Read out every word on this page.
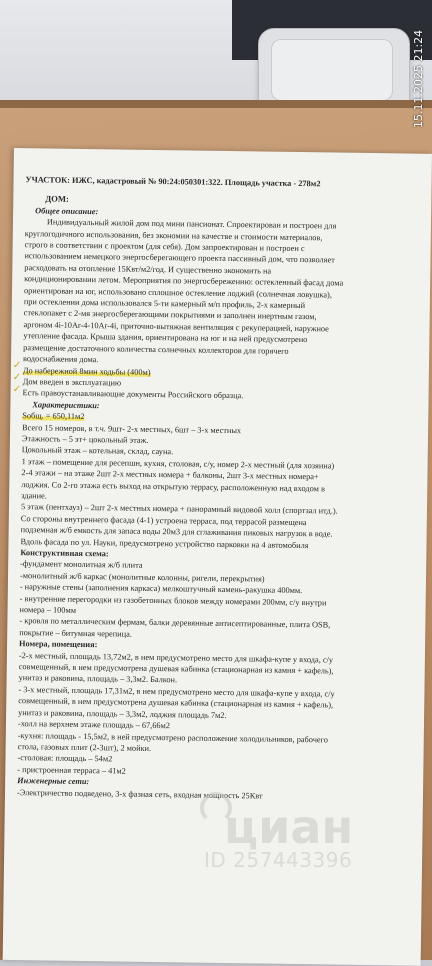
УЧАСТОК: ИЖС, кадастровый № 90:24:050301:322. Площадь участка - 278м2
ДОМ:
Общее описание:
Индивидуальный жилой дом под мини пансионат. Спроектирован и построен для
круглогодичного использования, без экономии на качестве и стоимости материалов,
строго в соответствии с проектом (для себя). Дом запроектирован и построен с
использованием немецкого энергосберегающего проекта пассивный дом, что позволяет
расходовать на отопление 15Квт/м2/год. И существенно экономить на
кондиционировании летом. Мероприятия по энергосбережению: остекленный фасад дома
ориентирован на юг, использовано сплошное остекление лоджий (солнечная ловушка),
при остеклении дома использовался 5-ти камерный м/п профиль, 2-х камерный
стеклопакет с 2-мя энергосберегающими покрытиями и заполнен инертным газом,
аргоном 4i-10Ar-4-10Ar-4i, приточно-вытяжная вентиляция с рекуперацией, наружное
утепление фасада. Крыша здания, ориентирована на юг и на ней предусмотрено
размещение достаточного количества солнечных коллекторов для горячего
водоснабжения дома.
До набережной 8мин ходьбы (400м)
Дом введен в эксплуатацию
Есть правоустанавливающие документы Российского образца.
Характеристики:
Sобщ. = 650,11м2
Всего 15 номеров, в т.ч. 9шт- 2-х местных, 6шт – 3-х местных
Этажность – 5 эт+ цокольный этаж.
Цокольный этаж – котельная, склад, сауна.
1 этаж – помещение для ресепшн, кухня, столовая, с/у, номер 2-х местный (для хозяина)
2-4 этажи – на этаже 2шт 2-х местных номера + балконы, 2шт 3-х местных номера+
лоджия. Со 2-го этажа есть выход на открытую террасу, расположенную над входом в
здание.
5 этаж (пентхауз) – 2шт 2-х местных номера + панорамный видовой холл (спортзал итд.).
Со стороны внутреннего фасада (4-1) устроена терраса, под террасой размещена
подземная ж/б емкость для запаса воды 20м3 для сглаживания пиковых нагрузок в воде.
Вдоль фасада по ул. Науки, предусмотрено устройство парковки на 4 автомобиля
Конструктивная схема:
-фундамент монолитная ж/б плита
-монолитный ж/б каркас (монолитные колонны, ригели, перекрытия)
- наружные стены (заполнения каркаса) мелкоштучный камень-ракушка 400мм.
- внутренние перегородки из газобетонных блоков между номерами 200мм, с/у внутри
номера – 100мм
- кровля по металлическим фермам, балки деревянные антисептированные, плита OSB,
покрытие – битумная черепица.
Номера, помещения:
-2-х местный, площадь 13,72м2, в нем предусмотрено место для шкафа-купе у входа, с/у
совмещенный, в нем предусмотрена душевая кабинка (стационарная из камня + кафель),
унитаз и раковина, площадь – 3,3м2. Балкон.
- 3-х местный, площадь 17,31м2, в нем предусмотрено место для шкафа-купе у входа, с/у
совмещенный, в нем предусмотрена душевая кабинка (стационарная из камня + кафель),
унитаз и раковина, площадь – 3,3м2, лоджия площадь 7м2.
-холл на верхнем этаже площадь – 67,66м2
-кухня: площадь - 15,5м2, в ней предусмотрено расположение холодильников, рабочего
стола, газовых плит (2-3шт), 2 мойки.
-столовая: площадь – 54м2
- пристроенная терраса – 41м2
Инженерные сети:
-Электричество подведено, 3-х фазная сеть, входная мощность 25Квт
✓
✓
✓
15.11.2025 21:24
циан
ID 257443396
